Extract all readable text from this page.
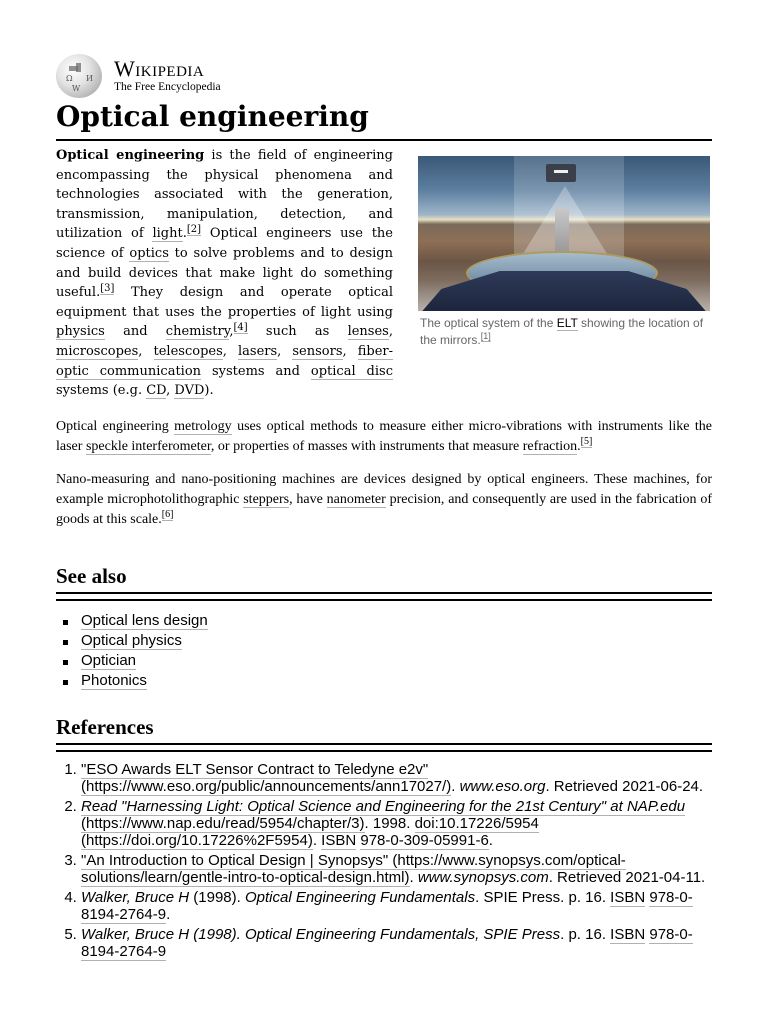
Ω И
W
Wikipedia
The Free Encyclopedia
Optical engineering

Optical engineering is the field of engineering encompassing the physical phenomena and technologies associated with the generation, transmission, manipulation, detection, and utilization of light.[2] Optical engineers use the science of optics to solve problems and to design and build devices that make light do something useful.[3] They design and operate optical equipment that uses the properties of light using physics and chemistry,[4] such as lenses, microscopes, telescopes, lasers, sensors, fiber-optic communication systems and optical disc systems (e.g. CD, DVD).

The optical system of the ELT showing the location of the mirrors.[1]

Optical engineering metrology uses optical methods to measure either micro-vibrations with instruments like the laser speckle interferometer, or properties of masses with instruments that measure refraction.[5]

Nano-measuring and nano-positioning machines are devices designed by optical engineers. These machines, for example microphotolithographic steppers, have nanometer precision, and consequently are used in the fabrication of goods at this scale.[6]

See also
Optical lens design
Optical physics
Optician
Photonics
References
1. "ESO Awards ELT Sensor Contract to Teledyne e2v" (https://www.eso.org/public/announcements/ann17027/). www.eso.org. Retrieved 2021-06-24.
2. Read "Harnessing Light: Optical Science and Engineering for the 21st Century" at NAP.edu (https://www.nap.edu/read/5954/chapter/3). 1998. doi:10.17226/5954 (https://doi.org/10.17226%2F5954). ISBN 978-0-309-05991-6.
3. "An Introduction to Optical Design | Synopsys" (https://www.synopsys.com/optical-solutions/learn/gentle-intro-to-optical-design.html). www.synopsys.com. Retrieved 2021-04-11.
4. Walker, Bruce H (1998). Optical Engineering Fundamentals. SPIE Press. p. 16. ISBN 978-0-8194-2764-9.
5. Walker, Bruce H (1998). Optical Engineering Fundamentals, SPIE Press. p. 16. ISBN 978-0-8194-2764-9
